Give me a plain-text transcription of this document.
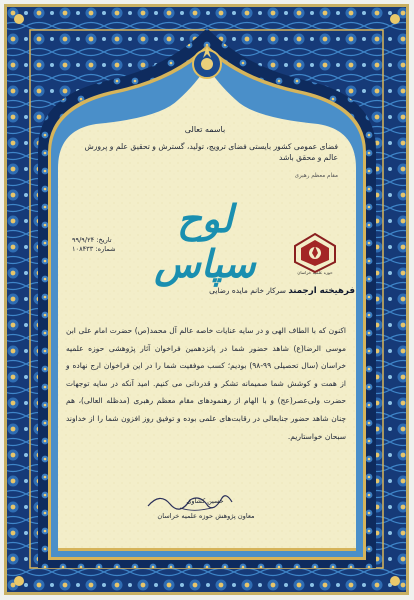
باسمه تعالی

فضای عمومی کشور بایستی فضای ترویج، تولید، گسترش و تحقیق علم و پرورش عالم و محقق باشد

مقام معظم رهبری

لوح سپاس

تاریخ: ۹۹/۹/۲۴

شماره: ۱۰۸۴۳۳

حوزه علمیه خراسان

فرهیخته ارجمند سرکار خانم مایده رضایی

اکنون که با الطاف الهی و در سایه عنایات خاصه عالم آل محمد(ص) حضرت امام علی ابن موسی الرضا(ع) شاهد حضور شما در پانزدهمین فراخوان آثار پژوهشی حوزه علمیه خراسان (سال تحصیلی ۹۹-۹۸) بودیم؛ کسب موفقیت شما را در این فراخوان ارج نهاده و از همت و کوشش شما صمیمانه تشکر و قدردانی می کنیم. امید آنکه در سایه توجهات حضرت ولی‌عصر(عج) و با الهام از رهنمودهای مقام معظم رهبری (مدظله العالی)، هم چنان شاهد حضور جنابعالی در رقابت‌های علمی بوده و توفیق روز افزون شما را از خداوند سبحان خواستاریم.

حسین کشاوی

معاون پژوهش حوزه علمیه خراسان
